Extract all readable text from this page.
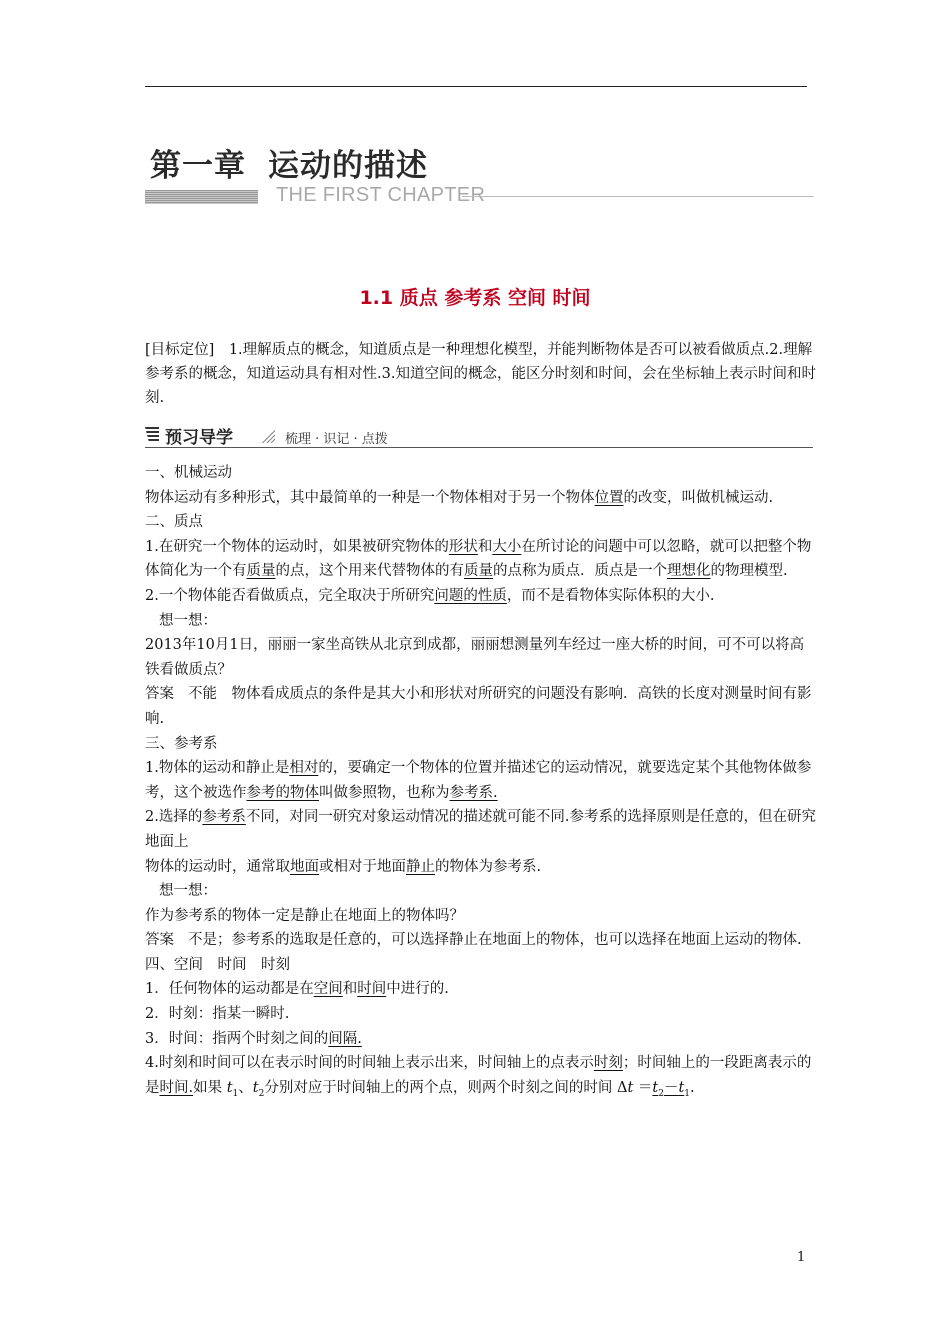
第一章 运动的描述
THE FIRST CHAPTER
1.1 质点 参考系 空间 时间
[目标定位]　 1.理解质点的概念，知道质点是一种理想化模型，并能判断物体是否可以被看做质点.2.理解参考系的概念，知道运动具有相对性.3.知道空间的概念，能区分时刻和时间，会在坐标轴上表示时间和时刻.
预习导学	梳理 · 识记 · 点拨

一、机械运动

物体运动有多种形式，其中最简单的一种是一个物体相对于另一个物体位置的改变，叫做机械运动.

二、质点

1.在研究一个物体的运动时，如果被研究物体的形状和大小在所讨论的问题中可以忽略，就可以把整个物体简化为一个有质量的点，这个用来代替物体的有质量的点称为质点．质点是一个理想化的物理模型.

2.一个物体能否看做质点，完全取决于所研究问题的性质，而不是看物体实际体积的大小.

想一想：

2013年10月1日，丽丽一家坐高铁从北京到成都，丽丽想测量列车经过一座大桥的时间，可不可以将高铁看做质点？

答案 不能　物体看成质点的条件是其大小和形状对所研究的问题没有影响．高铁的长度对测量时间有影响.

三、参考系

1.物体的运动和静止是相对的，要确定一个物体的位置并描述它的运动情况，就要选定某个其他物体做参考，这个被选作参考的物体叫做参照物，也称为参考系.

2.选择的参考系不同，对同一研究对象运动情况的描述就可能不同.参考系的选择原则是任意的，但在研究地面上

物体的运动时，通常取地面或相对于地面静止的物体为参考系.

想一想：

作为参考系的物体一定是静止在地面上的物体吗？

答案 不是；参考系的选取是任意的，可以选择静止在地面上的物体，也可以选择在地面上运动的物体.

四、空间　时间　时刻

1．任何物体的运动都是在空间和时间中进行的.

2．时刻：指某一瞬时.

3．时间：指两个时刻之间的间隔.

4.时刻和时间可以在表示时间的时间轴上表示出来，时间轴上的点表示时刻；时间轴上的一段距离表示的是时间.如果 $t_1$、$t_2$分别对应于时间轴上的两个点，则两个时刻之间的时间 $\Delta t =t_2-t_1$.

1
